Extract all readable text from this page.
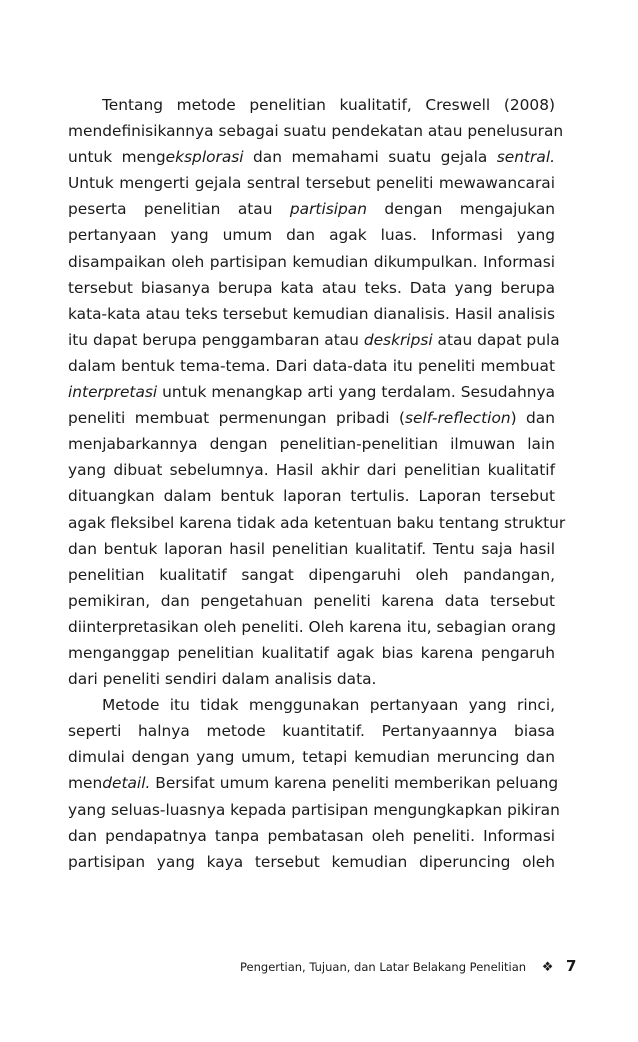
Tentang metode penelitian kualitatif, Creswell (2008)
mendefinisikannya sebagai suatu pendekatan atau penelusuran
untuk mengeksplorasi dan memahami suatu gejala sentral.
Untuk mengerti gejala sentral tersebut peneliti mewawancarai
peserta penelitian atau partisipan dengan mengajukan
pertanyaan yang umum dan agak luas. Informasi yang
disampaikan oleh partisipan kemudian dikumpulkan. Informasi
tersebut biasanya berupa kata atau teks. Data yang berupa
kata-kata atau teks tersebut kemudian dianalisis. Hasil analisis
itu dapat berupa penggambaran atau deskripsi atau dapat pula
dalam bentuk tema-tema. Dari data-data itu peneliti membuat
interpretasi untuk menangkap arti yang terdalam. Sesudahnya
peneliti membuat permenungan pribadi (self-reflection) dan
menjabarkannya dengan penelitian-penelitian ilmuwan lain
yang dibuat sebelumnya. Hasil akhir dari penelitian kualitatif
dituangkan dalam bentuk laporan tertulis. Laporan tersebut
agak fleksibel karena tidak ada ketentuan baku tentang struktur
dan bentuk laporan hasil penelitian kualitatif. Tentu saja hasil
penelitian kualitatif sangat dipengaruhi oleh pandangan,
pemikiran, dan pengetahuan peneliti karena data tersebut
diinterpretasikan oleh peneliti. Oleh karena itu, sebagian orang
menganggap penelitian kualitatif agak bias karena pengaruh
dari peneliti sendiri dalam analisis data.
Metode itu tidak menggunakan pertanyaan yang rinci,
seperti halnya metode kuantitatif. Pertanyaannya biasa
dimulai dengan yang umum, tetapi kemudian meruncing dan
mendetail. Bersifat umum karena peneliti memberikan peluang
yang seluas-luasnya kepada partisipan mengungkapkan pikiran
dan pendapatnya tanpa pembatasan oleh peneliti. Informasi
partisipan yang kaya tersebut kemudian diperuncing oleh
Pengertian, Tujuan, dan Latar Belakang Penelitian ❖ 7
